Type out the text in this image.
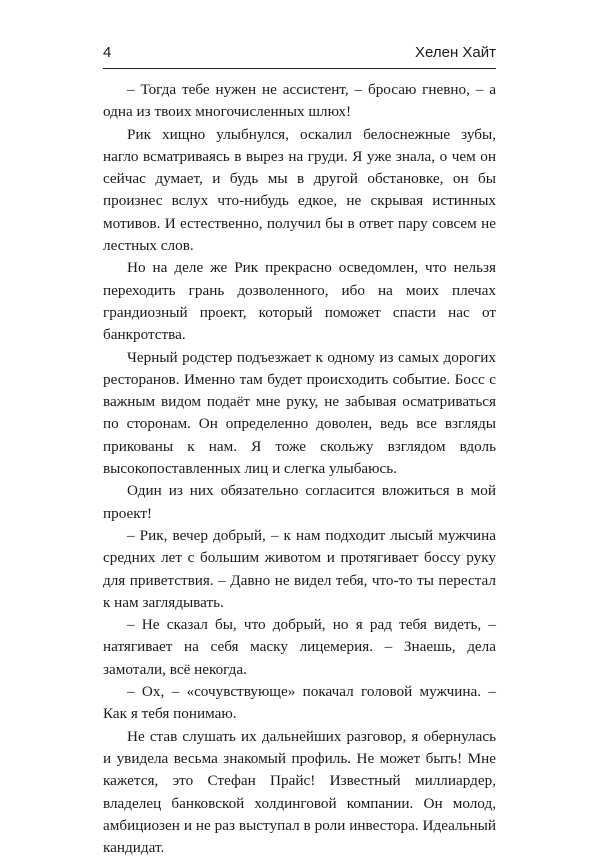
4	Хелен Хайт

– Тогда тебе нужен не ассистент, – бросаю гневно, – а одна из твоих многочисленных шлюх!

Рик хищно улыбнулся, оскалил белоснежные зубы, нагло всматриваясь в вырез на груди. Я уже знала, о чем он сейчас думает, и будь мы в другой обстановке, он бы произнес вслух что-нибудь едкое, не скрывая истинных мотивов. И естественно, получил бы в ответ пару совсем не лестных слов.

Но на деле же Рик прекрасно осведомлен, что нельзя переходить грань дозволенного, ибо на моих плечах грандиозный проект, который поможет спасти нас от банкротства.

Черный родстер подъезжает к одному из самых дорогих ресторанов. Именно там будет происходить событие. Босс с важным видом подаёт мне руку, не забывая осматриваться по сторонам. Он определенно доволен, ведь все взгляды прикованы к нам. Я тоже скольжу взглядом вдоль высокопоставленных лиц и слегка улыбаюсь.

Один из них обязательно согласится вложиться в мой проект!

– Рик, вечер добрый, – к нам подходит лысый мужчина средних лет с большим животом и протягивает боссу руку для приветствия. – Давно не видел тебя, что-то ты перестал к нам заглядывать.

– Не сказал бы, что добрый, но я рад тебя видеть, – натягивает на себя маску лицемерия. – Знаешь, дела замотали, всё некогда.

– Ох, – «сочувствующе» покачал головой мужчина. – Как я тебя понимаю.

Не став слушать их дальнейших разговор, я обернулась и увидела весьма знакомый профиль. Не может быть! Мне кажется, это Стефан Прайс! Известный миллиардер, владелец банковской холдинговой компании. Он молод, амбициозен и не раз выступал в роли инвестора. Идеальный кандидат.
